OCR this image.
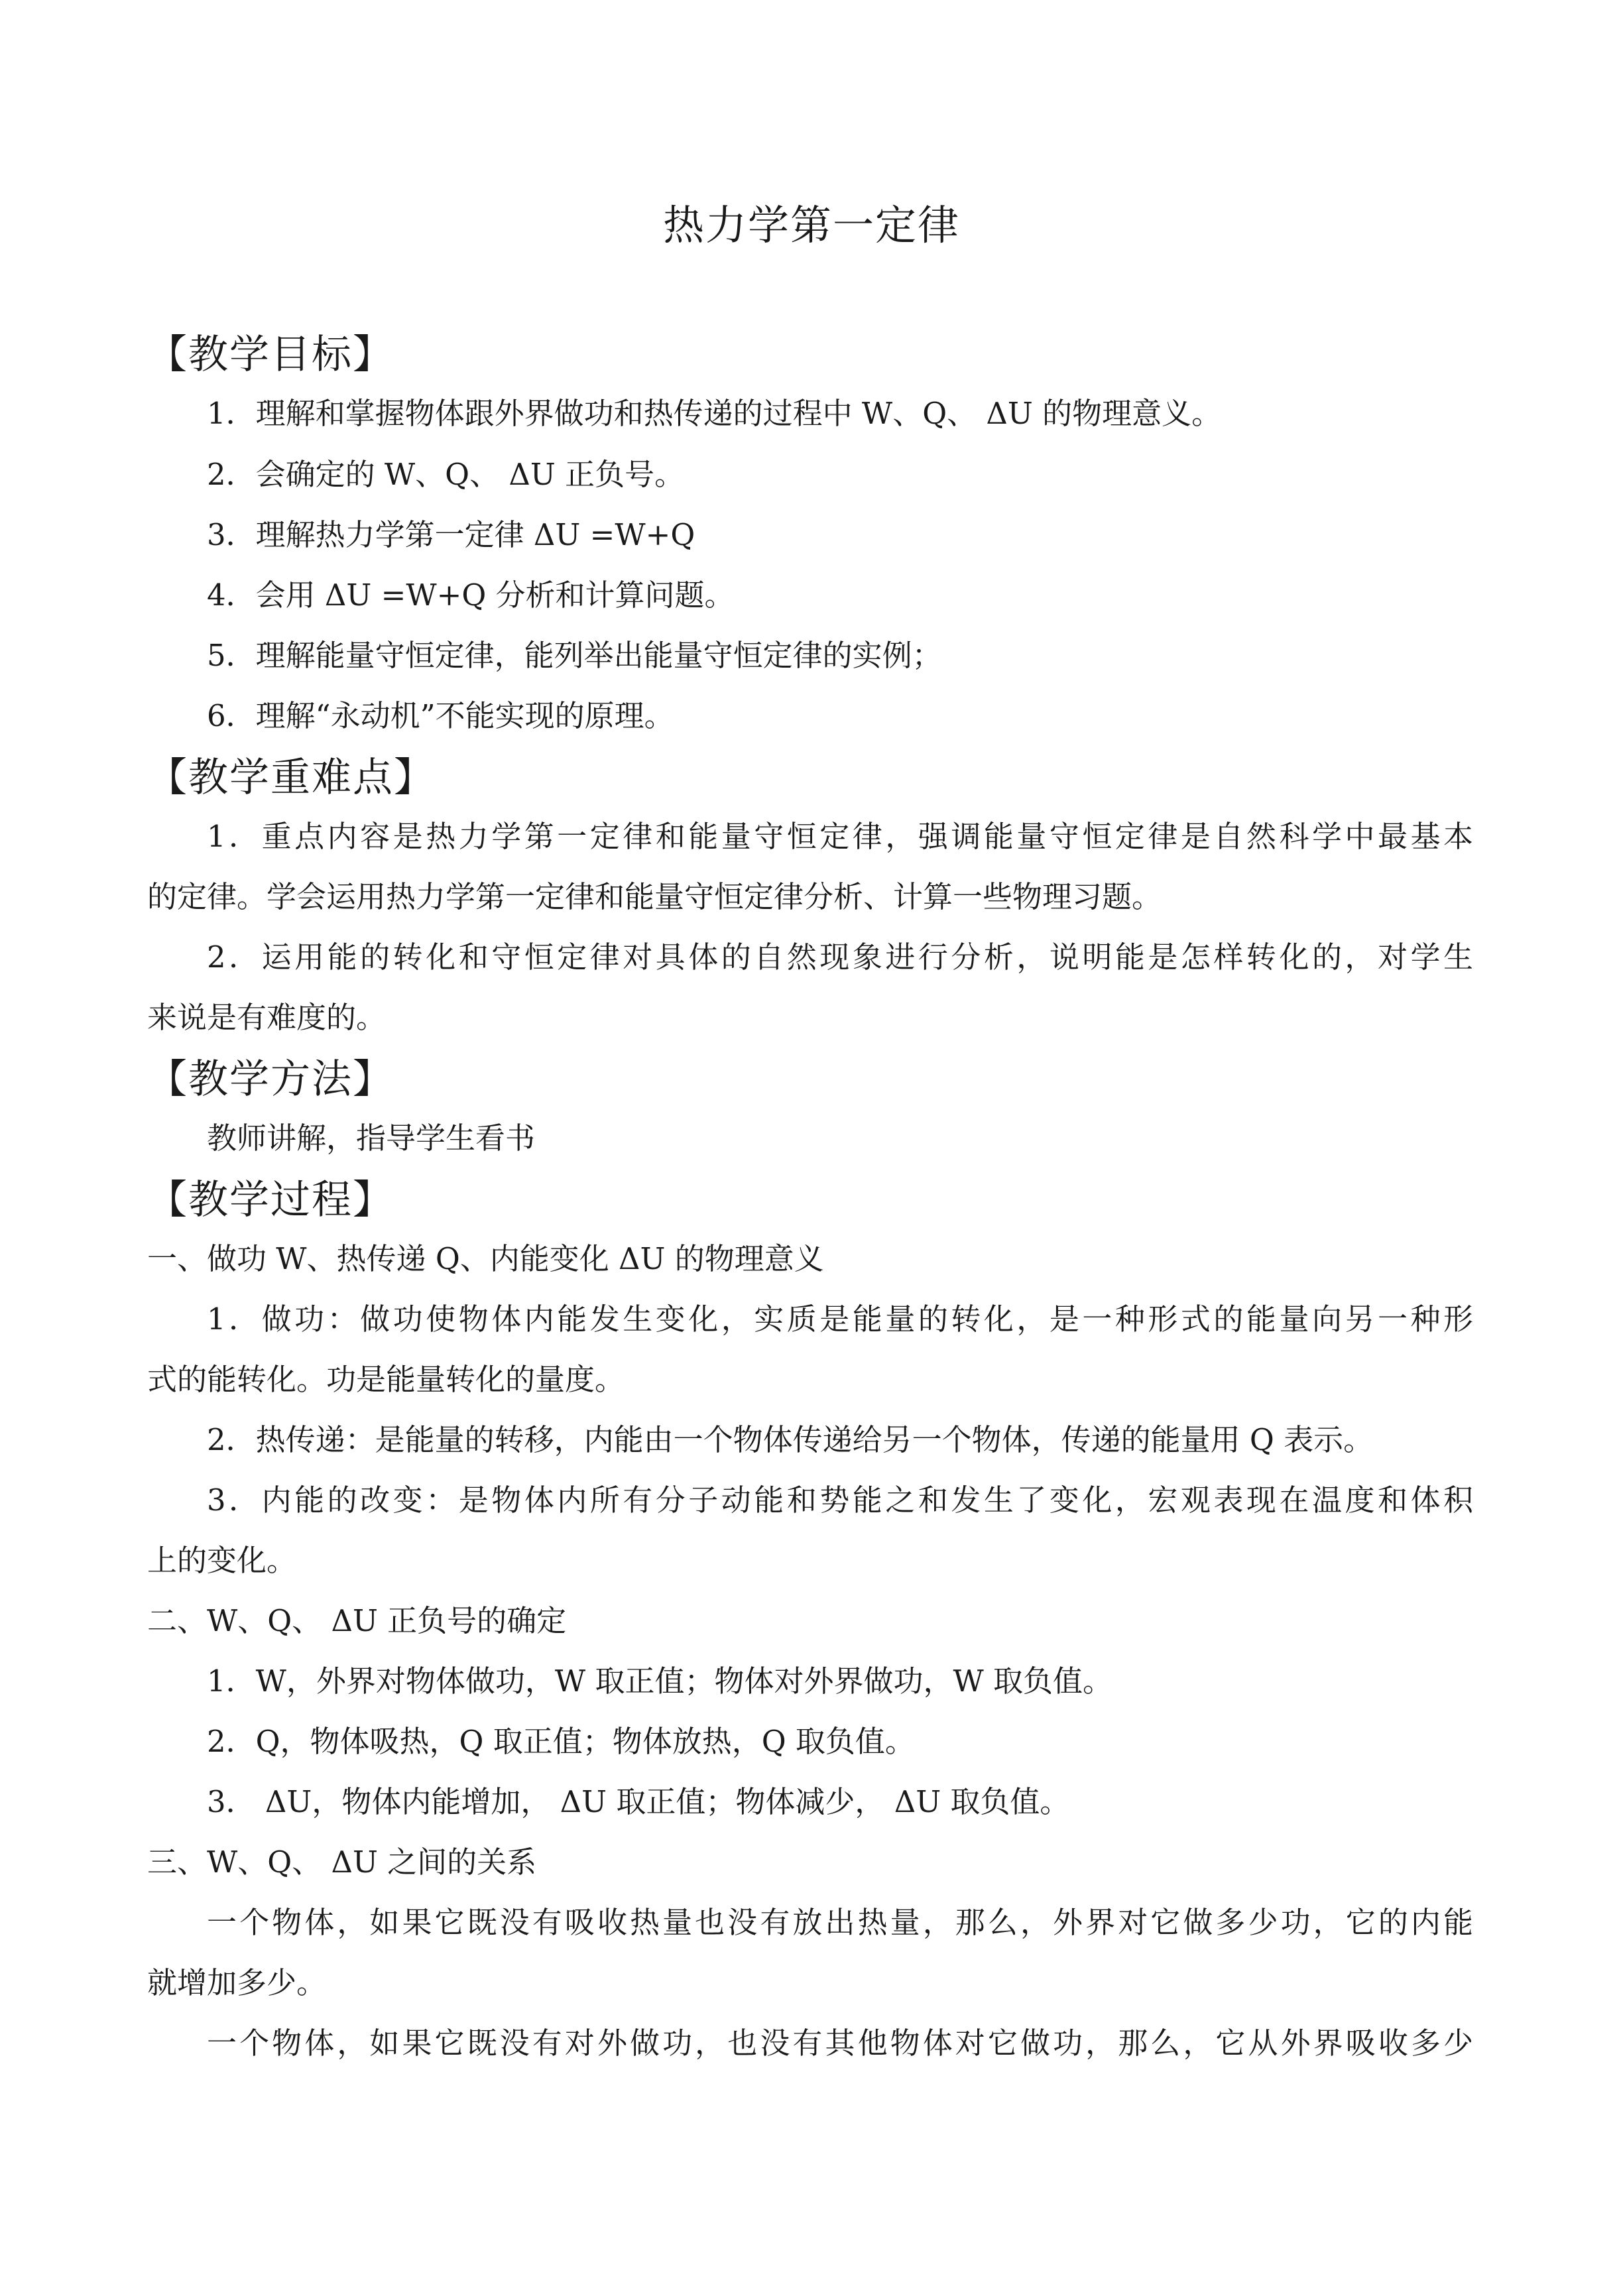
热力学第一定律
【教学目标】
1．理解和掌握物体跟外界做功和热传递的过程中 W、Q、 ΔU 的物理意义。
2．会确定的 W、Q、 ΔU 正负号。
3．理解热力学第一定律 ΔU =W+Q
4．会用 ΔU =W+Q 分析和计算问题。
5．理解能量守恒定律，能列举出能量守恒定律的实例；
6．理解“永动机”不能实现的原理。
【教学重难点】
1．重点内容是热力学第一定律和能量守恒定律，强调能量守恒定律是自然科学中最基本
的定律。学会运用热力学第一定律和能量守恒定律分析、计算一些物理习题。
2．运用能的转化和守恒定律对具体的自然现象进行分析，说明能是怎样转化的，对学生
来说是有难度的。
【教学方法】
教师讲解，指导学生看书
【教学过程】
一、做功 W、热传递 Q、内能变化 ΔU 的物理意义
1．做功：做功使物体内能发生变化，实质是能量的转化，是一种形式的能量向另一种形
式的能转化。功是能量转化的量度。
2．热传递：是能量的转移，内能由一个物体传递给另一个物体，传递的能量用 Q 表示。
3．内能的改变：是物体内所有分子动能和势能之和发生了变化，宏观表现在温度和体积
上的变化。
二、W、Q、 ΔU 正负号的确定
1．W，外界对物体做功，W 取正值；物体对外界做功，W 取负值。
2．Q，物体吸热，Q 取正值；物体放热，Q 取负值。
3． ΔU，物体内能增加， ΔU 取正值；物体减少， ΔU 取负值。
三、W、Q、 ΔU 之间的关系
一个物体，如果它既没有吸收热量也没有放出热量，那么，外界对它做多少功，它的内能
就增加多少。
一个物体，如果它既没有对外做功，也没有其他物体对它做功，那么，它从外界吸收多少
